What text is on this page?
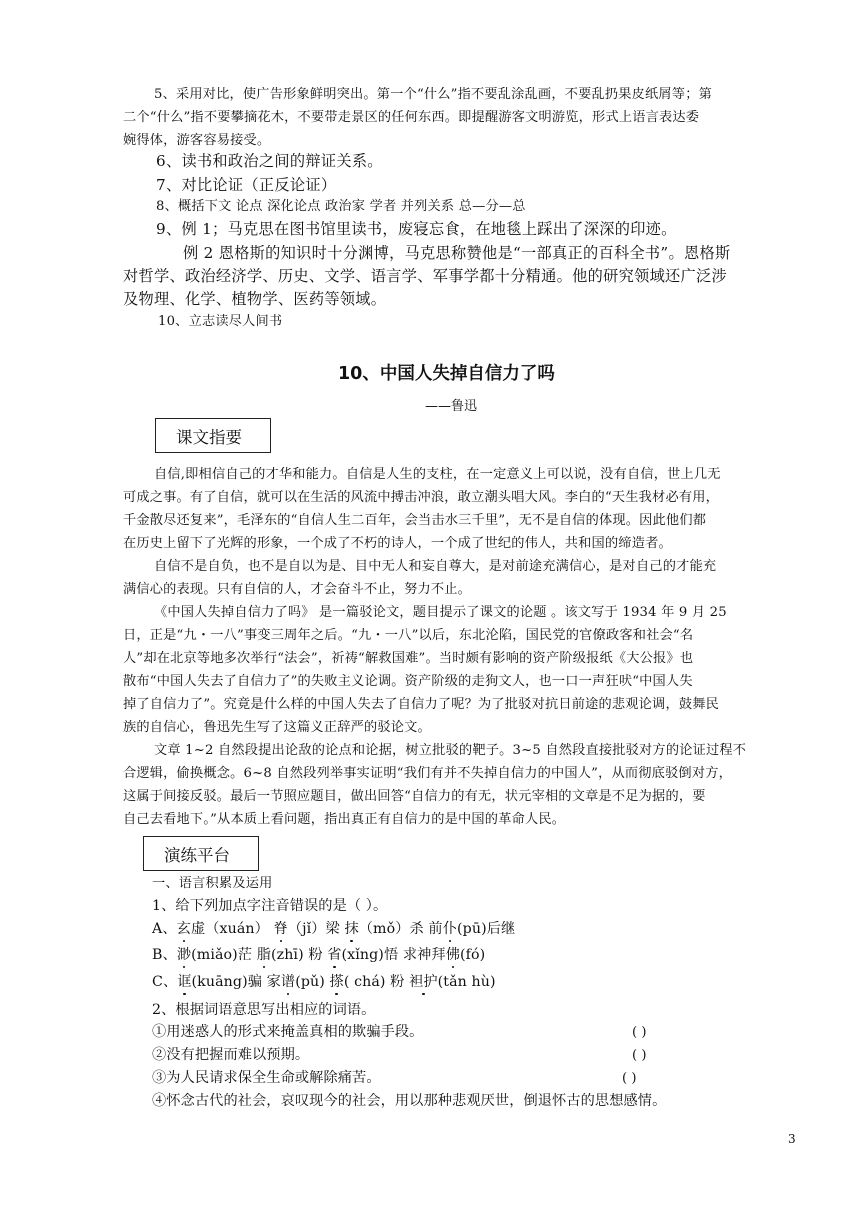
5、采用对比，使广告形象鲜明突出。第一个“什么”指不要乱涂乱画，不要乱扔果皮纸屑等；第
二个“什么”指不要攀摘花木，不要带走景区的任何东西。即提醒游客文明游览，形式上语言表达委
婉得体，游客容易接受。
6、读书和政治之间的辩证关系。
7、对比论证（正反论证）
8、概括下文 论点 深化论点 政治家 学者 并列关系 总—分—总
9、例 1；马克思在图书馆里读书，废寝忘食，在地毯上踩出了深深的印迹。
例 2 恩格斯的知识时十分渊博，马克思称赞他是“一部真正的百科全书”。恩格斯
对哲学、政治经济学、历史、文学、语言学、军事学都十分精通。他的研究领域还广泛涉
及物理、化学、植物学、医药等领域。
10、立志读尽人间书
10、中国人失掉自信力了吗
——鲁迅
课文指要
自信,即相信自己的才华和能力。自信是人生的支柱，在一定意义上可以说，没有自信，世上几无
可成之事。有了自信，就可以在生活的风流中搏击冲浪，敢立潮头唱大风。李白的“天生我材必有用，
千金散尽还复来”，毛泽东的“自信人生二百年，会当击水三千里”，无不是自信的体现。因此他们都
在历史上留下了光辉的形象，一个成了不朽的诗人，一个成了世纪的伟人，共和国的缔造者。
自信不是自负，也不是自以为是、目中无人和妄自尊大，是对前途充满信心，是对自己的才能充
满信心的表现。只有自信的人，才会奋斗不止，努力不止。
《中国人失掉自信力了吗》 是一篇驳论文，题目提示了课文的论题 。该文写于 1934 年 9 月 25
日，正是“九・一八”事变三周年之后。“九・一八”以后，东北沦陷，国民党的官僚政客和社会“名
人”却在北京等地多次举行“法会”，祈祷“解救国难”。当时颇有影响的资产阶级报纸《大公报》也
散布“中国人失去了自信力了”的失败主义论调。资产阶级的走狗文人，也一口一声狂吠“中国人失
掉了自信力了”。究竟是什么样的中国人失去了自信力了呢？为了批驳对抗日前途的悲观论调，鼓舞民
族的自信心，鲁迅先生写了这篇义正辞严的驳论文。
文章 1~2 自然段提出论敌的论点和论据，树立批驳的靶子。3~5 自然段直接批驳对方的论证过程不
合逻辑，偷换概念。6~8 自然段列举事实证明“我们有并不失掉自信力的中国人”，从而彻底驳倒对方，
这属于间接反驳。最后一节照应题目，做出回答“自信力的有无，状元宰相的文章是不足为据的，要
自己去看地下。”从本质上看问题，指出真正有自信力的是中国的革命人民。
演练平台
一、语言积累及运用
1、给下列加点字注音错误的是（ ）。
A、玄虚（xuán） 脊（jǐ）梁 抹（mǒ）杀 前仆(pū)后继
B、渺(miǎo)茫 脂(zhī) 粉 省(xǐng)悟 求神拜佛(fó)
C、诓(kuāng)骗 家谱(pǔ) 搽( chá) 粉 袒护(tǎn hù)
2、根据词语意思写出相应的词语。
①用迷惑人的形式来掩盖真相的欺骗手段。
②没有把握而难以预期。
③为人民请求保全生命或解除痛苦。
④怀念古代的社会，哀叹现今的社会，用以那种悲观厌世，倒退怀古的思想感情。
( )
( )
( )
3
